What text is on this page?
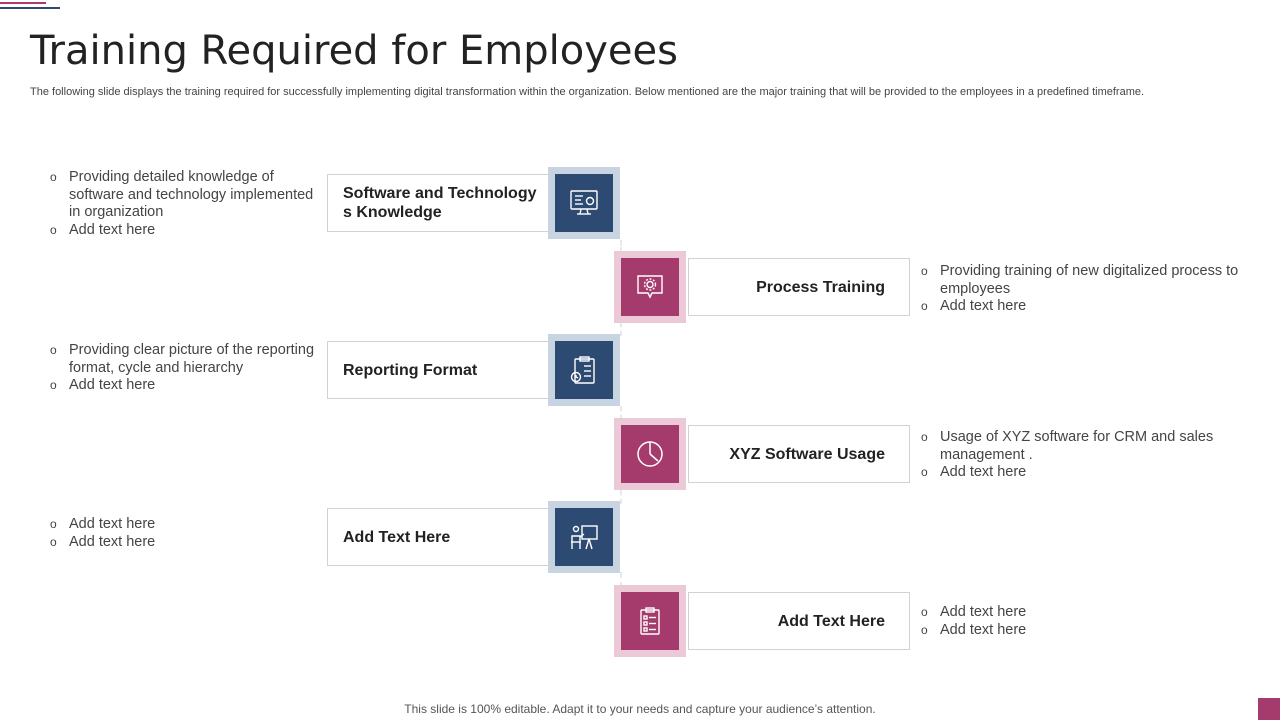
Training Required for Employees

The following slide displays the training required for successfully implementing digital transformation within the organization. Below mentioned are the major training that will be provided to the employees in a predefined timeframe.

o Providing detailed knowledge of software and technology implemented in organization
o Add text here
Software and Technology s Knowledge
Process Training
o Providing training of new digitalized process to employees
o Add text here
o Providing clear picture of the reporting format, cycle and hierarchy
o Add text here
Reporting Format
XYZ Software Usage
o Usage of XYZ software for CRM and sales management .
o Add text here
o Add text here
o Add text here	Add Text Here
Add Text Here
o Add text here
o Add text here
This slide is 100% editable. Adapt it to your needs and capture your audience’s attention.
